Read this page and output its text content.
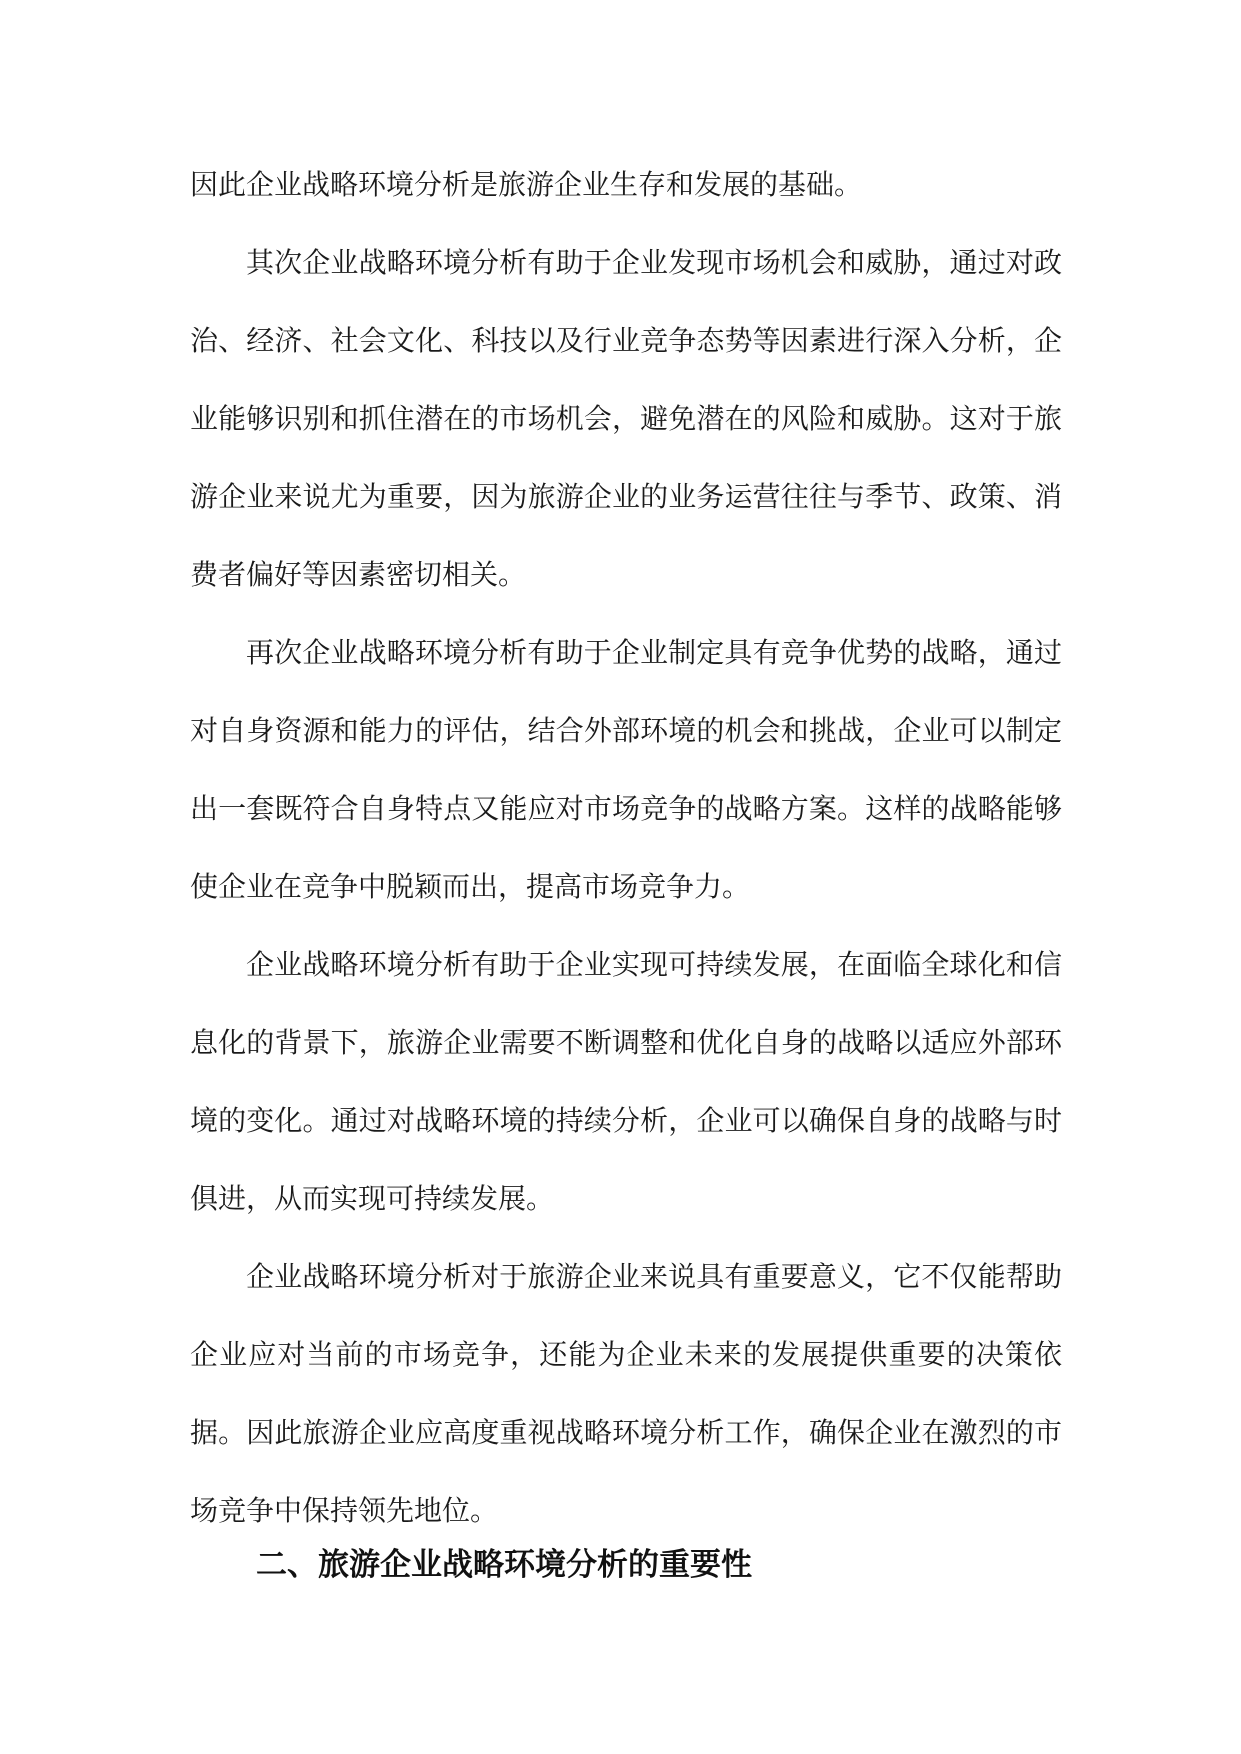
因此企业战略环境分析是旅游企业生存和发展的基础。

其次企业战略环境分析有助于企业发现市场机会和威胁，通过对政治、经济、社会文化、科技以及行业竞争态势等因素进行深入分析，企业能够识别和抓住潜在的市场机会，避免潜在的风险和威胁。这对于旅游企业来说尤为重要，因为旅游企业的业务运营往往与季节、政策、消费者偏好等因素密切相关。

再次企业战略环境分析有助于企业制定具有竞争优势的战略，通过对自身资源和能力的评估，结合外部环境的机会和挑战，企业可以制定出一套既符合自身特点又能应对市场竞争的战略方案。这样的战略能够使企业在竞争中脱颖而出，提高市场竞争力。

企业战略环境分析有助于企业实现可持续发展，在面临全球化和信息化的背景下，旅游企业需要不断调整和优化自身的战略以适应外部环境的变化。通过对战略环境的持续分析，企业可以确保自身的战略与时俱进，从而实现可持续发展。

企业战略环境分析对于旅游企业来说具有重要意义，它不仅能帮助企业应对当前的市场竞争，还能为企业未来的发展提供重要的决策依据。因此旅游企业应高度重视战略环境分析工作，确保企业在激烈的市场竞争中保持领先地位。

二、旅游企业战略环境分析的重要性
